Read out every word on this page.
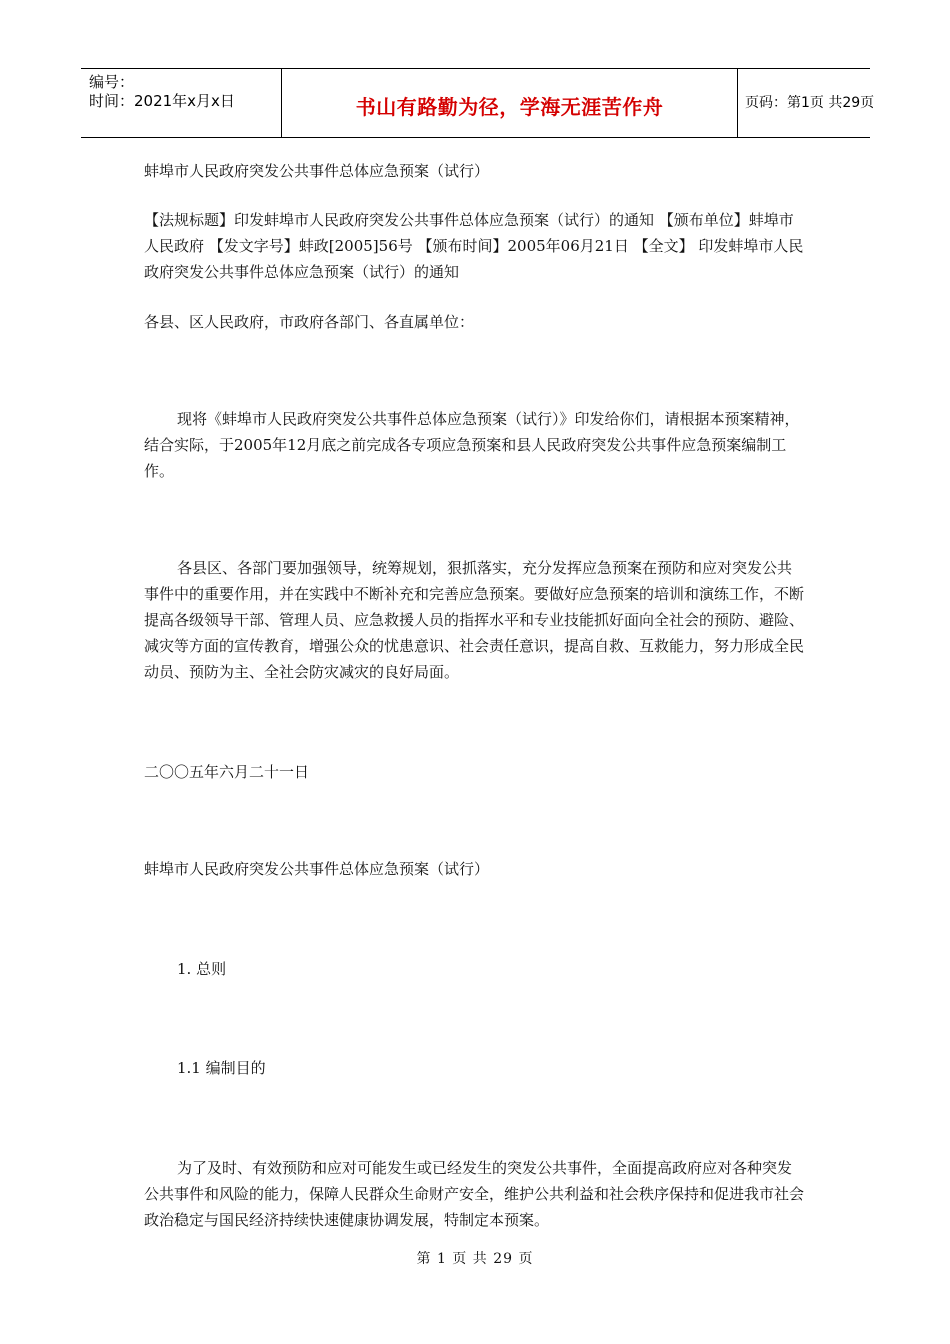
编号：
时间：2021年x月x日	书山有路勤为径，学海无涯苦作舟	页码：第1页 共29页
蚌埠市人民政府突发公共事件总体应急预案（试行）
【法规标题】印发蚌埠市人民政府突发公共事件总体应急预案（试行）的通知 【颁布单位】蚌埠市人民政府 【发文字号】蚌政[2005]56号 【颁布时间】2005年06月21日 【全文】 印发蚌埠市人民政府突发公共事件总体应急预案（试行）的通知
各县、区人民政府，市政府各部门、各直属单位：
现将《蚌埠市人民政府突发公共事件总体应急预案（试行）》印发给你们，请根据本预案精神，结合实际，于2005年12月底之前完成各专项应急预案和县人民政府突发公共事件应急预案编制工作。
各县区、各部门要加强领导，统筹规划，狠抓落实，充分发挥应急预案在预防和应对突发公共事件中的重要作用，并在实践中不断补充和完善应急预案。要做好应急预案的培训和演练工作，不断提高各级领导干部、管理人员、应急救援人员的指挥水平和专业技能抓好面向全社会的预防、避险、减灾等方面的宣传教育，增强公众的忧患意识、社会责任意识，提高自救、互救能力，努力形成全民动员、预防为主、全社会防灾减灾的良好局面。
二〇〇五年六月二十一日
蚌埠市人民政府突发公共事件总体应急预案（试行）
1. 总则
1.1 编制目的
为了及时、有效预防和应对可能发生或已经发生的突发公共事件，全面提高政府应对各种突发公共事件和风险的能力，保障人民群众生命财产安全，维护公共利益和社会秩序保持和促进我市社会政治稳定与国民经济持续快速健康协调发展，特制定本预案。
第 1 页 共 29 页
